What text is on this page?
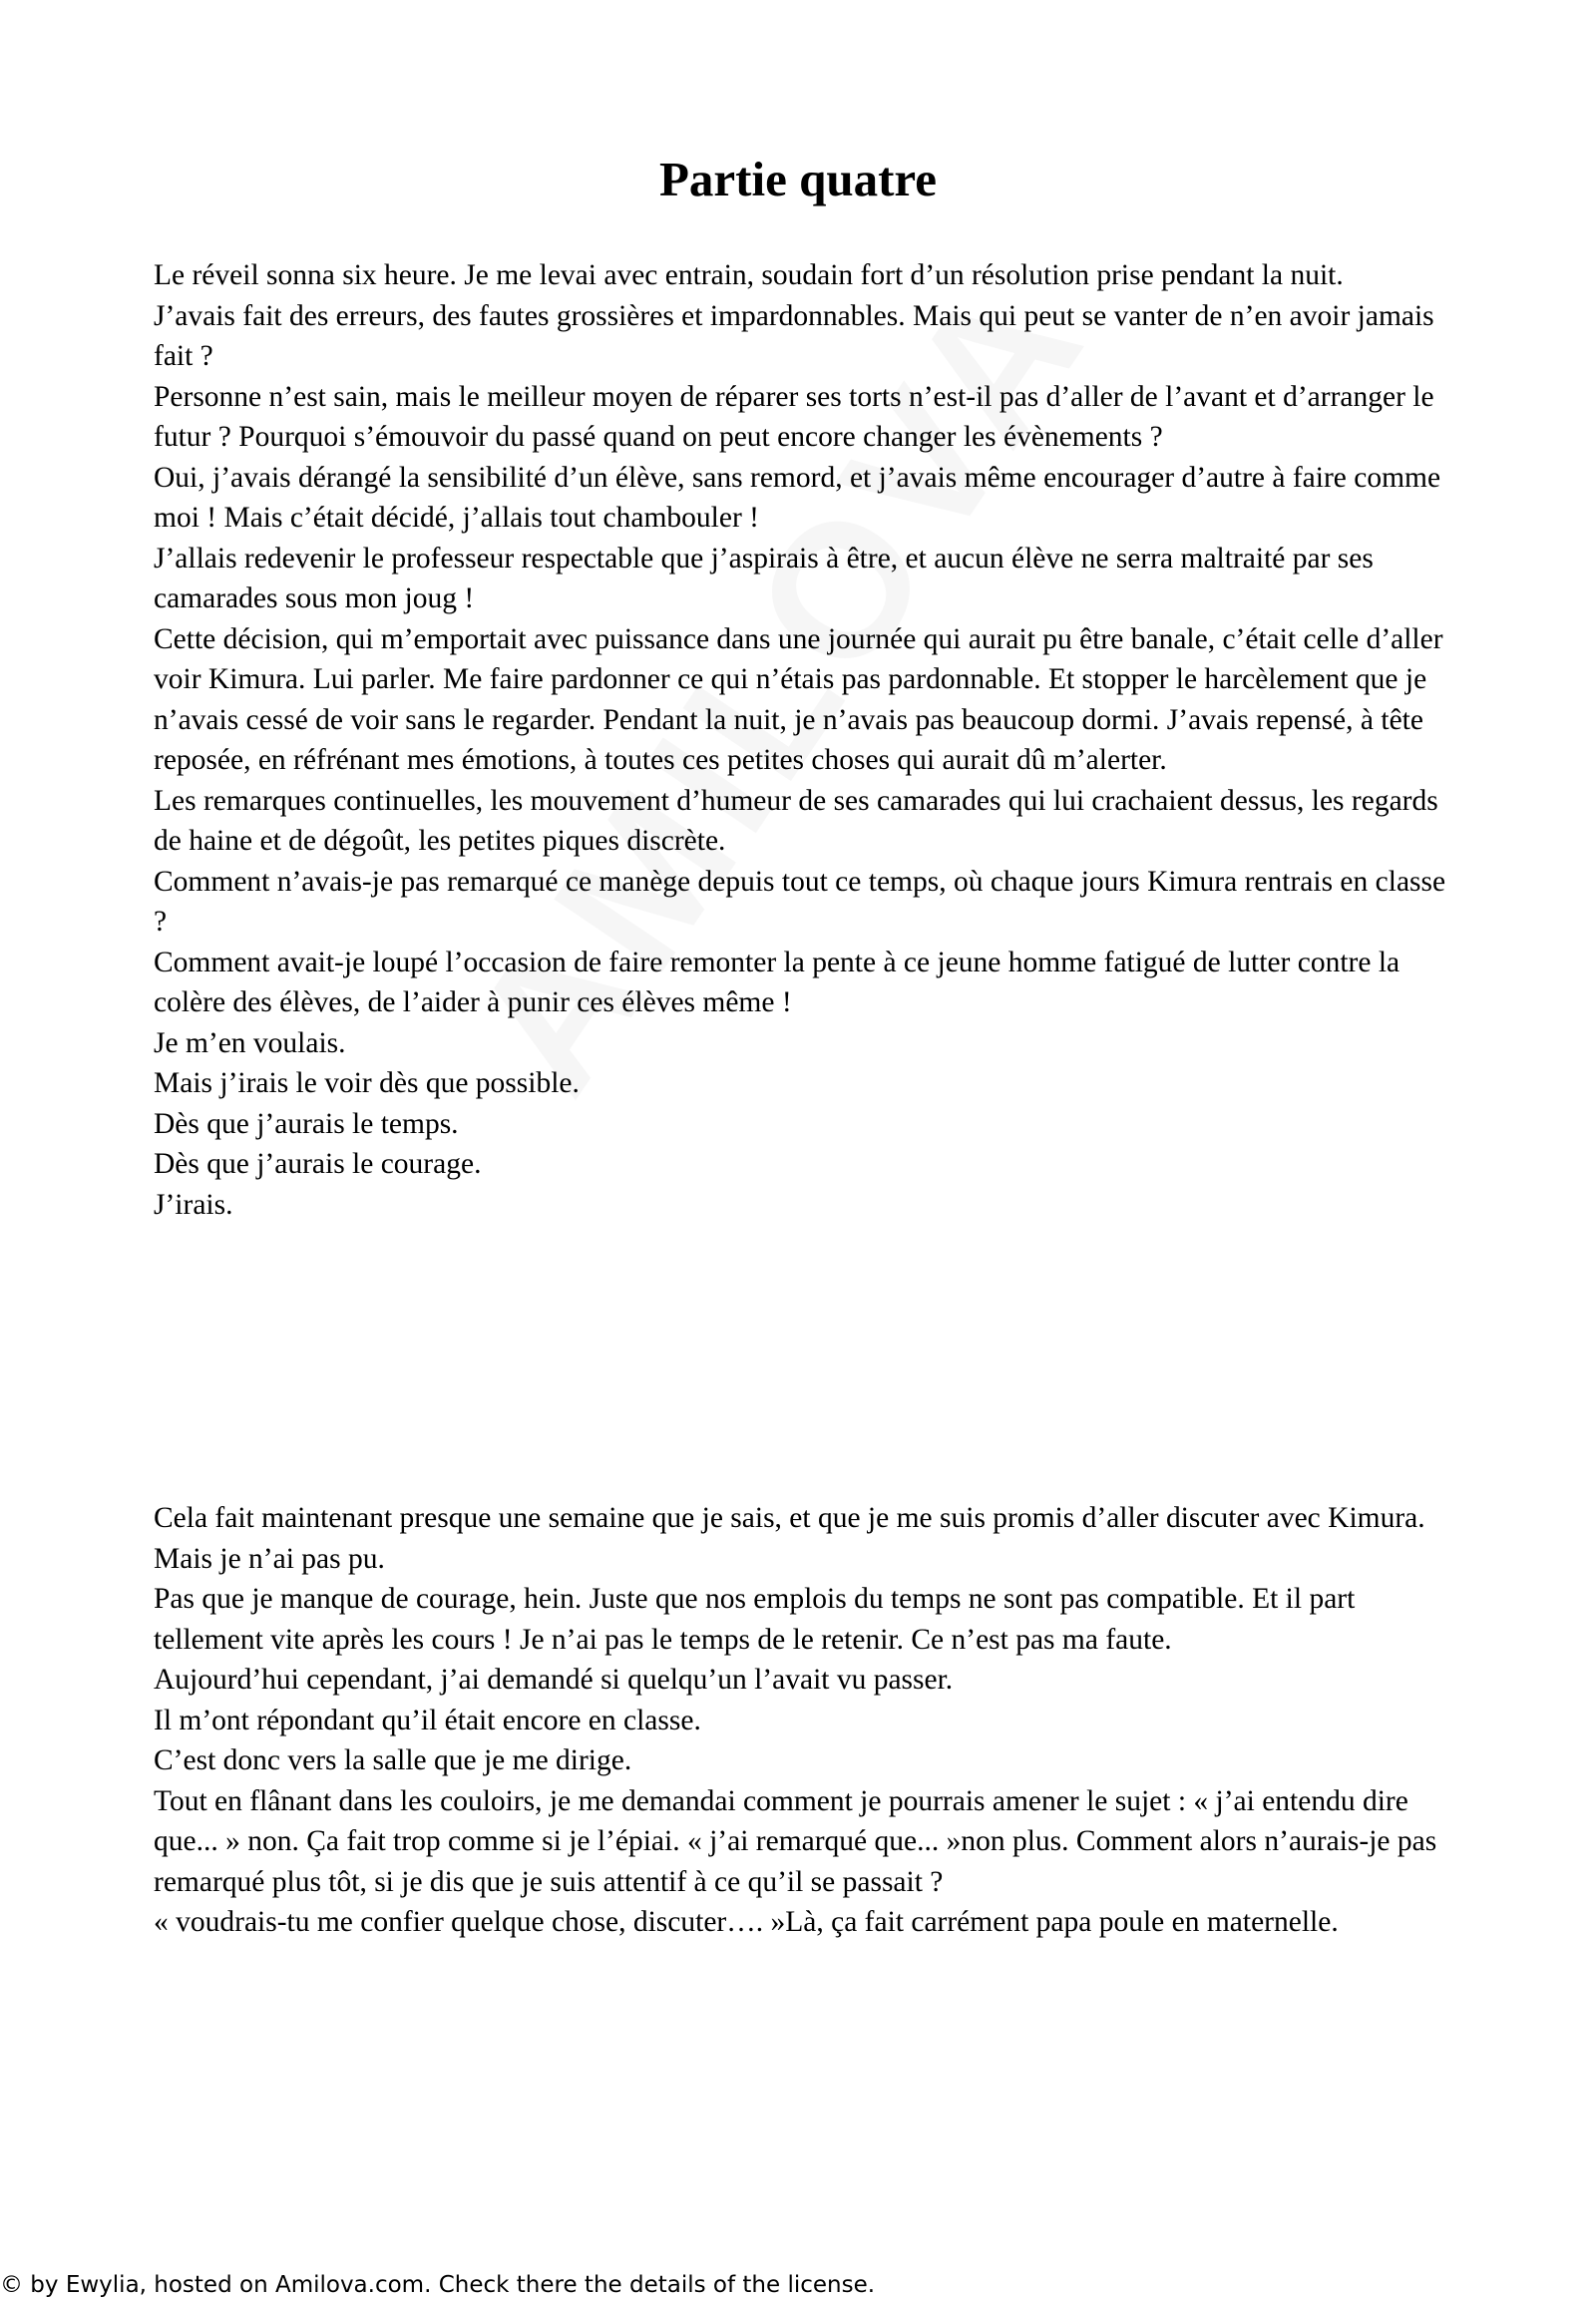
Partie quatre

Le réveil sonna six heure. Je me levai avec entrain, soudain fort d’un résolution prise pendant la nuit.

J’avais fait des erreurs, des fautes grossières et impardonnables. Mais qui peut se vanter de n’en avoir jamais fait ?

Personne n’est sain, mais le meilleur moyen de réparer ses torts n’est-il pas d’aller de l’avant et d’arranger le futur ? Pourquoi s’émouvoir du passé quand on peut encore changer les évènements ?

Oui, j’avais dérangé la sensibilité d’un élève, sans remord, et j’avais même encourager d’autre à faire comme moi ! Mais c’était décidé, j’allais tout chambouler !

J’allais redevenir le professeur respectable que j’aspirais à être, et aucun élève ne serra maltraité par ses camarades sous mon joug !

Cette décision, qui m’emportait avec puissance dans une journée qui aurait pu être banale, c’était celle d’aller voir Kimura. Lui parler. Me faire pardonner ce qui n’étais pas pardonnable. Et stopper le harcèlement que je n’avais cessé de voir sans le regarder. Pendant la nuit, je n’avais pas beaucoup dormi. J’avais repensé, à tête reposée, en réfrénant mes émotions, à toutes ces petites choses qui aurait dû m’alerter.

Les remarques continuelles, les mouvement d’humeur de ses camarades qui lui crachaient dessus, les regards de haine et de dégoût, les petites piques discrète.

Comment n’avais-je pas remarqué ce manège depuis tout ce temps, où chaque jours Kimura rentrais en classe ?

Comment avait-je loupé l’occasion de faire remonter la pente à ce jeune homme fatigué de lutter contre la colère des élèves, de l’aider à punir ces élèves même !

Je m’en voulais.

Mais j’irais le voir dès que possible.

Dès que j’aurais le temps.

Dès que j’aurais le courage.

J’irais.

Cela fait maintenant presque une semaine que je sais, et que je me suis promis d’aller discuter avec Kimura.

Mais je n’ai pas pu.

Pas que je manque de courage, hein. Juste que nos emplois du temps ne sont pas compatible. Et il part tellement vite après les cours ! Je n’ai pas le temps de le retenir. Ce n’est pas ma faute.

Aujourd’hui cependant, j’ai demandé si quelqu’un l’avait vu passer.

Il m’ont répondant qu’il était encore en classe.

C’est donc vers la salle que je me dirige.

Tout en flânant dans les couloirs, je me demandai comment je pourrais amener le sujet : « j’ai entendu dire que... » non. Ça fait trop comme si je l’épiai. « j’ai remarqué que... »non plus. Comment alors n’aurais-je pas remarqué plus tôt, si je dis que je suis attentif à ce qu’il se passait ?

« voudrais-tu me confier quelque chose, discuter…. »Là, ça fait carrément papa poule en maternelle.

© by Ewylia, hosted on Amilova.com. Check there the details of the license.
